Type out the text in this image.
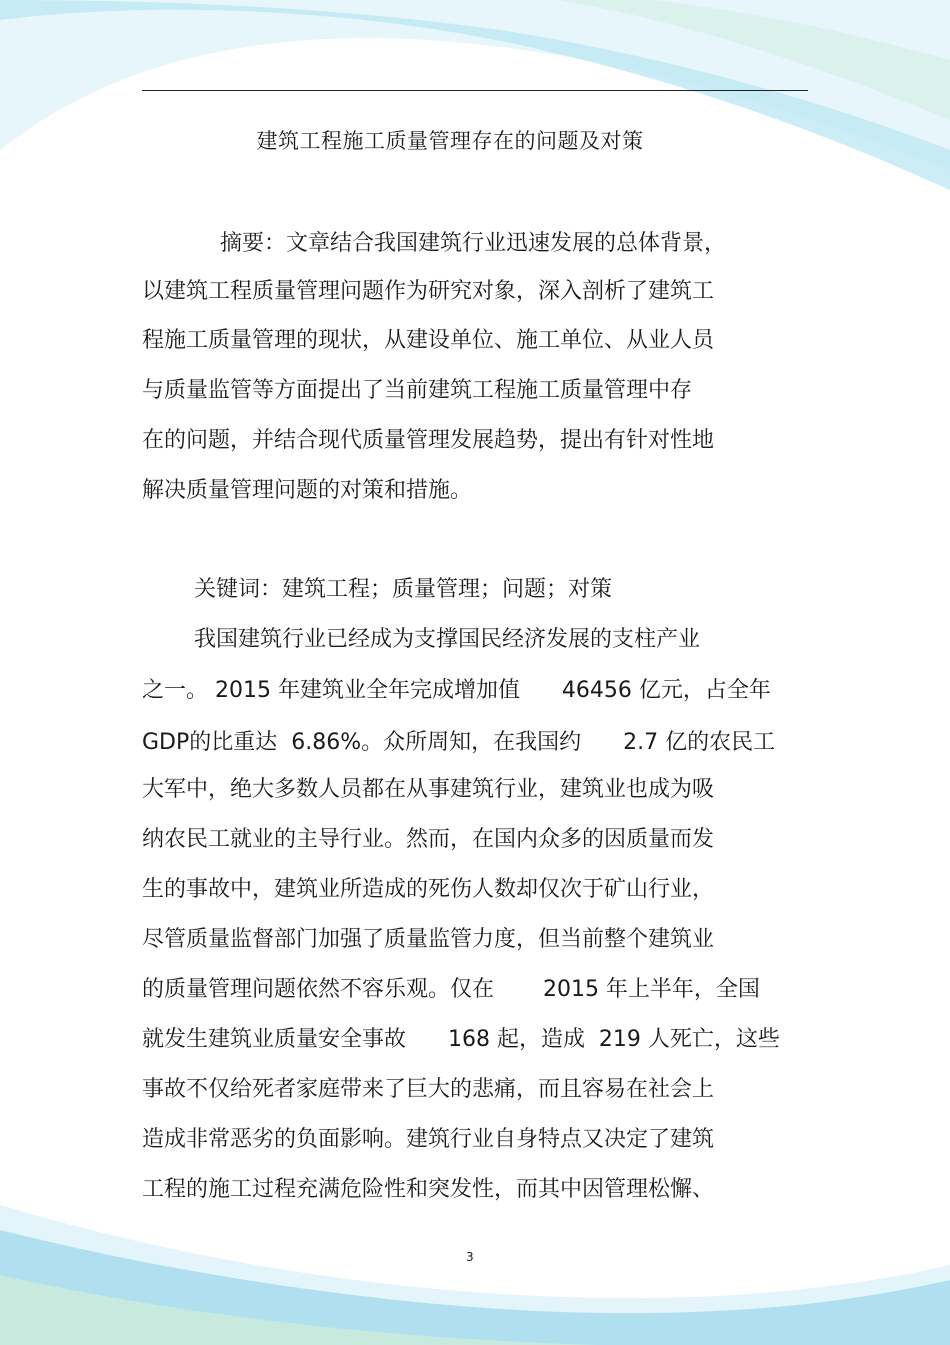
建筑工程施工质量管理存在的问题及对策
摘要：文章结合我国建筑行业迅速发展的总体背景，
以建筑工程质量管理问题作为研究对象，深入剖析了建筑工
程施工质量管理的现状，从建设单位、施工单位、从业人员
与质量监管等方面提出了当前建筑工程施工质量管理中存
在的问题，并结合现代质量管理发展趋势，提出有针对性地
解决质量管理问题的对策和措施。
关键词：建筑工程；质量管理；问题；对策
我国建筑行业已经成为支撑国民经济发展的支柱产业
之一。 2015 年建筑业全年完成增加值      46456 亿元，占全年
GDP的比重达  6.86%。众所周知，在我国约      2.7 亿的农民工
大军中，绝大多数人员都在从事建筑行业，建筑业也成为吸
纳农民工就业的主导行业。然而，在国内众多的因质量而发
生的事故中，建筑业所造成的死伤人数却仅次于矿山行业，
尽管质量监督部门加强了质量监管力度，但当前整个建筑业
的质量管理问题依然不容乐观。仅在       2015 年上半年，全国
就发生建筑业质量安全事故      168 起，造成  219 人死亡，这些
事故不仅给死者家庭带来了巨大的悲痛，而且容易在社会上
造成非常恶劣的负面影响。建筑行业自身特点又决定了建筑
工程的施工过程充满危险性和突发性，而其中因管理松懈、
3
